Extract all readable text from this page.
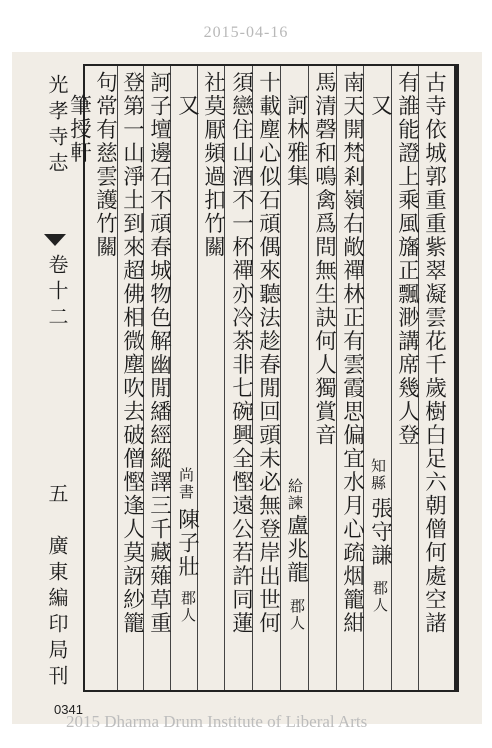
2015-04-16
光孝寺志
卷十二
五　廣東編印局刊
0341
2015 Dharma Drum Institute of Liberal Arts
古寺依城郭重重紫翠凝雲花千歲樹白足六朝僧何處空諸
有誰能證上乘風旛正飄渺講席幾人登
又
南天開梵剎嶺右敞禪林正有雲霞思偏宜水月心疏烟籠紺
馬清磬和鳴禽爲問無生訣何人獨賞音
訶林雅集
十載塵心似石頑偶來聽法趁春閒回頭未必無登岸出世何
須戀住山酒不一杯禪亦冷茶非七碗興全慳遠公若許同蓮
社莫厭頻過扣竹關
又
訶子壇邊石不頑春城物色解幽閒繙經縱譯三千藏薙草重
登第一山淨土到來超佛相微塵吹去破僧慳逢人莫訝紗籠
句常有慈雲護竹關
筆授軒
知縣
張守謙
郡人
給諫
盧兆龍
郡人
尚書
陳子壯
郡人
